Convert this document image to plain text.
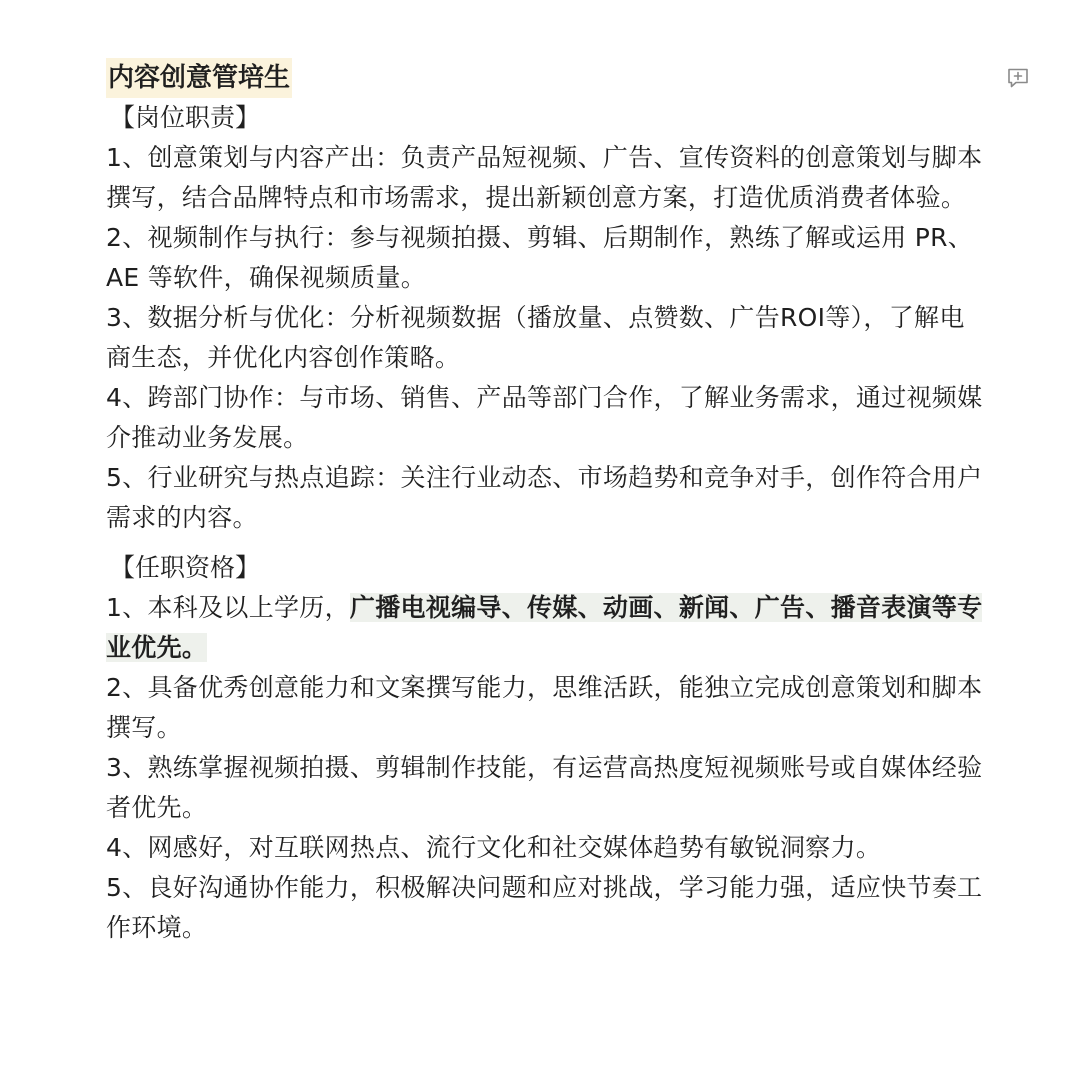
内容创意管培生

【岗位职责】

1、创意策划与内容产出：负责产品短视频、广告、宣传资料的创意策划与脚本撰写，结合品牌特点和市场需求，提出新颖创意方案，打造优质消费者体验。

2、视频制作与执行：参与视频拍摄、剪辑、后期制作，熟练了解或运用 PR、AE 等软件，确保视频质量。

3、数据分析与优化：分析视频数据（播放量、点赞数、广告ROI等），了解电商生态，并优化内容创作策略。

4、跨部门协作：与市场、销售、产品等部门合作，了解业务需求，通过视频媒介推动业务发展。

5、行业研究与热点追踪：关注行业动态、市场趋势和竞争对手，创作符合用户需求的内容。

【任职资格】

1、本科及以上学历，广播电视编导、传媒、动画、新闻、广告、播音表演等专业优先。

2、具备优秀创意能力和文案撰写能力，思维活跃，能独立完成创意策划和脚本撰写。

3、熟练掌握视频拍摄、剪辑制作技能，有运营高热度短视频账号或自媒体经验者优先。

4、网感好，对互联网热点、流行文化和社交媒体趋势有敏锐洞察力。

5、良好沟通协作能力，积极解决问题和应对挑战，学习能力强，适应快节奏工作环境。
